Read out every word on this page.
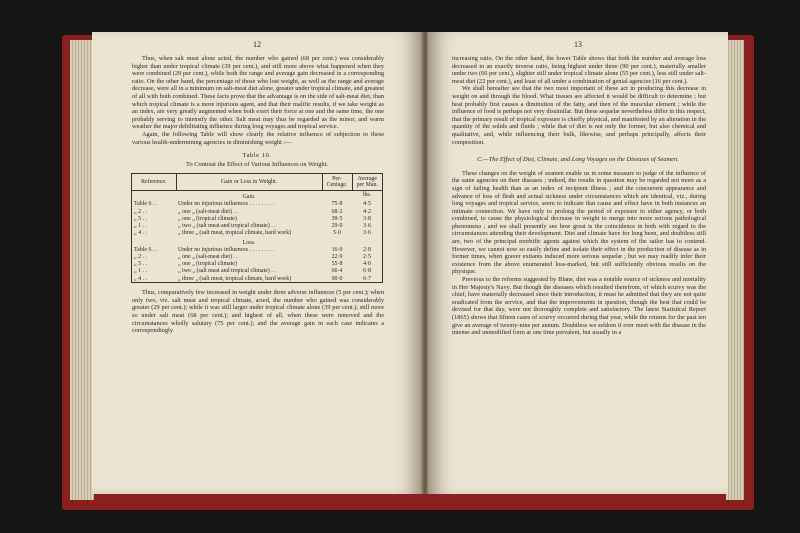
12

Thus, when salt meat alone acted, the number who gained (68 per cent.) was considerably higher than under tropical climate (39 per cent.), and still more above what happened when they were combined (29 per cent.), while both the range and average gain decreased in a corresponding ratio. On the other hand, the percentage of those who lost weight, as well as the range and average decrease, were all in a minimum on salt-meat diet alone, greater under tropical climate, and greatest of all with both combined. These facts prove that the advantage is on the side of salt-meat diet, than which tropical climate is a more injurious agent, and that their malific results, if we take weight as an index, are very greatly augmented when both exert their force at one and the same time, the one probably serving to intensify the other. Salt meat may thus be regarded as the minor, and warm weather the major debilitating influence during long voyages and tropical service.

Again, the following Table will show clearly the relative influence of subjection to these various health-undermining agencies in diminishing weight :—

Table 10.
To Contrast the Effect of Various Influences on Weight.
Reference.	Gain or Loss in Weight.	Per-Centage.	Average per Man.
	Gain.		lbs.
Table 6 . .	Under no injurious influences . . . . . . . . .	75·8	4·5
„ 2 . .	„ one „ (salt-meat diet) . .	68·2	4·2
„ 5 . .	„ one „ (tropical climate)	39·5	3·8
„ 1 . .	„ two „ (salt meat and tropical climate) . .	29·0	3·6
„ 4 . .	„ three „ (salt meat, tropical climate, hard work)	5·0	3·6
	Loss.		
Table 6 . .	Under no injurious influences . . . . . . . . .	16·0	2·8
„ 2 . .	„ one „ (salt-meat diet) . .	22·9	2·5
„ 5 . .	„ one „ (tropical climate)	55·8	4·0
„ 1 . .	„ two „ (salt meat and tropical climate) . .	66·4	6·8
„ 4 . .	„ three „ (salt meat, tropical climate, hard work)	90·0	6·7

Thus, comparatively few increased in weight under three adverse influences (5 per cent.); when only two, viz. salt meat and tropical climate, acted, the number who gained was considerably greater (29 per cent.); while it was still larger under tropical climate alone (39 per cent.); still more so under salt meat (68 per cent.); and highest of all, when these were removed and the circumstances wholly salutary (75 per cent.); and the average gain in each case indicates a correspondingly

13

increasing ratio. On the other hand, the lower Table shows that both the number and average loss decreased in an exactly inverse ratio, being highest under three (90 per cent.), materially smaller under two (66 per cent.), slighter still under tropical climate alone (55 per cent.), less still under salt-meat diet (22 per cent.), and least of all under a combination of genial agencies (16 per cent.).

We shall hereafter see that the two most important of these act in producing this decrease in weight on and through the blood. What tissues are affected it would be difficult to determine ; but heat probably first causes a diminution of the fatty, and then of the muscular element ; while the influence of food is perhaps not very dissimilar. But these sequelæ nevertheless differ in this respect, that the primary result of tropical exposure is chiefly physical, and manifested by an alteration in the quantity of the solids and fluids ; while that of diet is not only the former, but also chemical and qualitative, and, while influencing their bulk, likewise, and perhaps principally, affects their composition.

C.—The Effect of Diet, Climate, and Long Voyages on the Diseases of Seamen.

These changes on the weight of seamen enable us in some measure to judge of the influence of the same agencies on their diseases ; indeed, the results in question may be regarded not more as a sign of failing health than as an index of incipient illness ; and the concurrent appearance and advance of loss of flesh and actual sickness under circumstances which are identical, viz., during long voyages and tropical service, seem to indicate that cause and effect have in both instances an intimate connection. We have only to prolong the period of exposure to either agency, or both combined, to cause the physiological decrease in weight to merge into more serious pathological phenomena ; and we shall presently see how great is the coincidence in both with regard to the circumstances attending their development. Diet and climate have for long been, and doubtless still are, two of the principal morbific agents against which the system of the sailor has to contend. However, we cannot now so easily define and isolate their effect in the production of disease as in former times, when graver exitants induced more serious sequelæ ; but we may readily infer their existence from the above enumerated loss-marked, but still sufficiently obvious results on the physique.

Previous to the reforms suggested by Blane, diet was a notable source of sickness and mortality in Her Majesty's Navy. But though the diseases which resulted therefrom, of which scurvy was the chief, have materially decreased since their introduction, it must be admitted that they are not quite eradicated from the service, and that the improvements in question, though the best that could be devised for that day, were not thoroughly complete and satisfactory. The latest Statistical Report (1865) shows that fifteen cases of scurvy occurred during that year, while the returns for the past ten give an average of twenty-nine per annum. Doubtless we seldom if ever meet with the disease in the intense and unmodified form at one time prevalent, but usually in a
